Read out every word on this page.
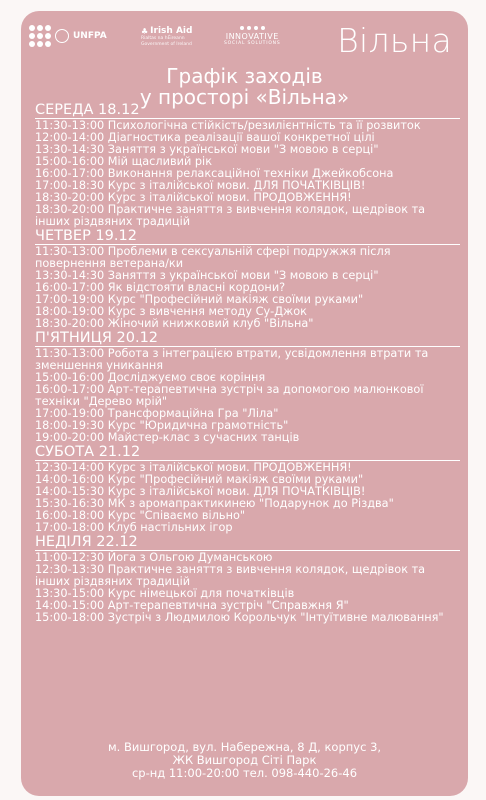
UNFPA	♣ Irish Aid
Rialtas na hÉireann
Government of Ireland
INNOVATIVE
SOCIAL SOLUTIONS Вільна
Графік заходів
у просторі «Вільна»
СЕРЕДА 18.12
11:30-13:00 Психологічна стійкість/резилієнтність та її розвиток
12:00-14:00 Діагностика реалізації вашої конкретної цілі
13:30-14:30 Заняття з української мови "З мовою в серці"
15:00-16:00 Мій щасливий рік
16:00-17:00 Виконання релаксаційної техніки Джейкобсона
17:00-18:30 Курс з італійської мови. ДЛЯ ПОЧАТКІВЦІВ!
18:30-20:00 Курс з італійської мови. ПРОДОВЖЕННЯ!
18:30-20:00 Практичне заняття з вивчення колядок, щедрівок та інших різдвяних традицій
ЧЕТВЕР 19.12
11:30-13:00 Проблеми в сексуальній сфері подружжя після повернення ветерана/ки
13:30-14:30 Заняття з української мови "З мовою в серці"
16:00-17:00 Як відстояти власні кордони?
17:00-19:00 Курс "Професійний макіяж своїми руками"
18:00-19:00 Курс з вивчення методу Су-Джок
18:30-20:00 Жіночий книжковий клуб "Вільна"
П'ЯТНИЦЯ 20.12
11:30-13:00 Робота з інтеграцією втрати, усвідомлення втрати та зменшення уникання
15:00-16:00 Досліджуємо своє коріння
16:00-17:00 Арт-терапевтична зустріч за допомогою малюнкової техніки "Дерево мрій"
17:00-19:00 Трансформаційна Гра "Ліла"
18:00-19:30 Курс "Юридична грамотність"
19:00-20:00 Майстер-клас з сучасних танців
СУБОТА 21.12
12:30-14:00 Курс з італійської мови. ПРОДОВЖЕННЯ!
14:00-16:00 Курс "Професійний макіяж своїми руками"
14:00-15:30 Курс з італійської мови. ДЛЯ ПОЧАТКІВЦІВ!
15:30-16:30 МК з аромапрактикинею "Подарунок до Різдва"
16:00-18:00 Курс "Співаємо вільно"
17:00-18:00 Клуб настільних ігор
НЕДІЛЯ 22.12
11:00-12:30 Йога з Ольгою Думанською
12:30-13:30 Практичне заняття з вивчення колядок, щедрівок та інших різдвяних традицій
13:30-15:00 Курс німецької для початківців
14:00-15:00 Арт-терапевтична зустріч "Справжня Я"
15:00-18:00 Зустріч з Людмилою Корольчук "Інтуїтивне малювання"
м. Вишгород, вул. Набережна, 8 Д, корпус 3,
ЖК Вишгород Сіті Парк
ср-нд 11:00-20:00 тел. 098-440-26-46
